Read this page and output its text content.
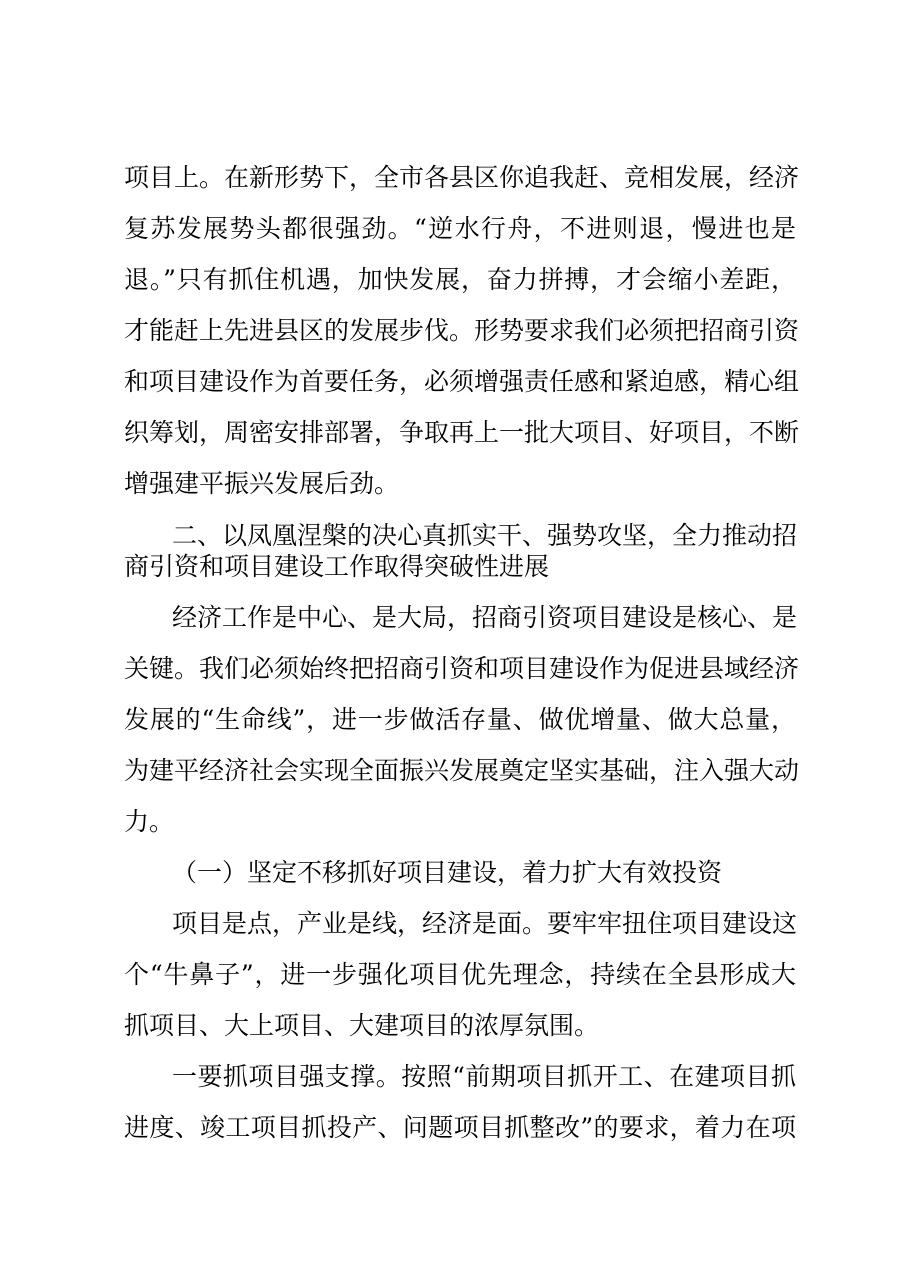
项目上。在新形势下，全市各县区你追我赶、竞相发展，经济
复苏发展势头都很强劲。“逆水行舟，不进则退，慢进也是
退。”只有抓住机遇，加快发展，奋力拼搏，才会缩小差距，
才能赶上先进县区的发展步伐。形势要求我们必须把招商引资
和项目建设作为首要任务，必须增强责任感和紧迫感，精心组
织筹划，周密安排部署，争取再上一批大项目、好项目，不断
增强建平振兴发展后劲。
二、以凤凰涅槃的决心真抓实干、强势攻坚，全力推动招
商引资和项目建设工作取得突破性进展
经济工作是中心、是大局，招商引资项目建设是核心、是
关键。我们必须始终把招商引资和项目建设作为促进县域经济
发展的“生命线”，进一步做活存量、做优增量、做大总量，
为建平经济社会实现全面振兴发展奠定坚实基础，注入强大动
力。
（一）坚定不移抓好项目建设，着力扩大有效投资
项目是点，产业是线，经济是面。要牢牢扭住项目建设这
个“牛鼻子”，进一步强化项目优先理念，持续在全县形成大
抓项目、大上项目、大建项目的浓厚氛围。
一要抓项目强支撑。按照“前期项目抓开工、在建项目抓
进度、竣工项目抓投产、问题项目抓整改”的要求，着力在项
